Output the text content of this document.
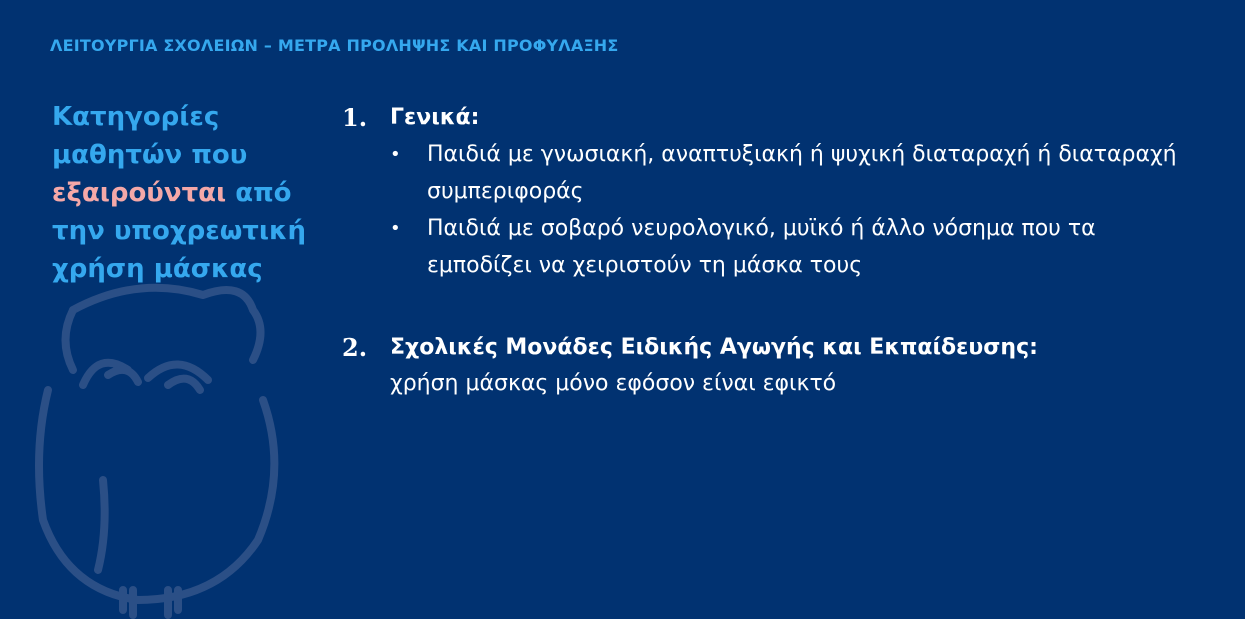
ΛΕΙΤΟΥΡΓΙΑ ΣΧΟΛΕΙΩΝ – ΜΕΤΡΑ ΠΡΟΛΗΨΗΣ ΚΑΙ ΠΡΟΦΥΛΑΞΗΣ
Κατηγορίες
μαθητών που
εξαιρούνται από
την υποχρεωτική
χρήση μάσκας
1. Γενικά:
• Παιδιά με γνωσιακή, αναπτυξιακή ή ψυχική διαταραχή ή διαταραχή συμπεριφοράς
• Παιδιά με σοβαρό νευρολογικό, μυϊκό ή άλλο νόσημα που τα εμποδίζει να χειριστούν τη μάσκα τους
2. Σχολικές Μονάδες Ειδικής Αγωγής και Εκπαίδευσης:
χρήση μάσκας μόνο εφόσον είναι εφικτό
